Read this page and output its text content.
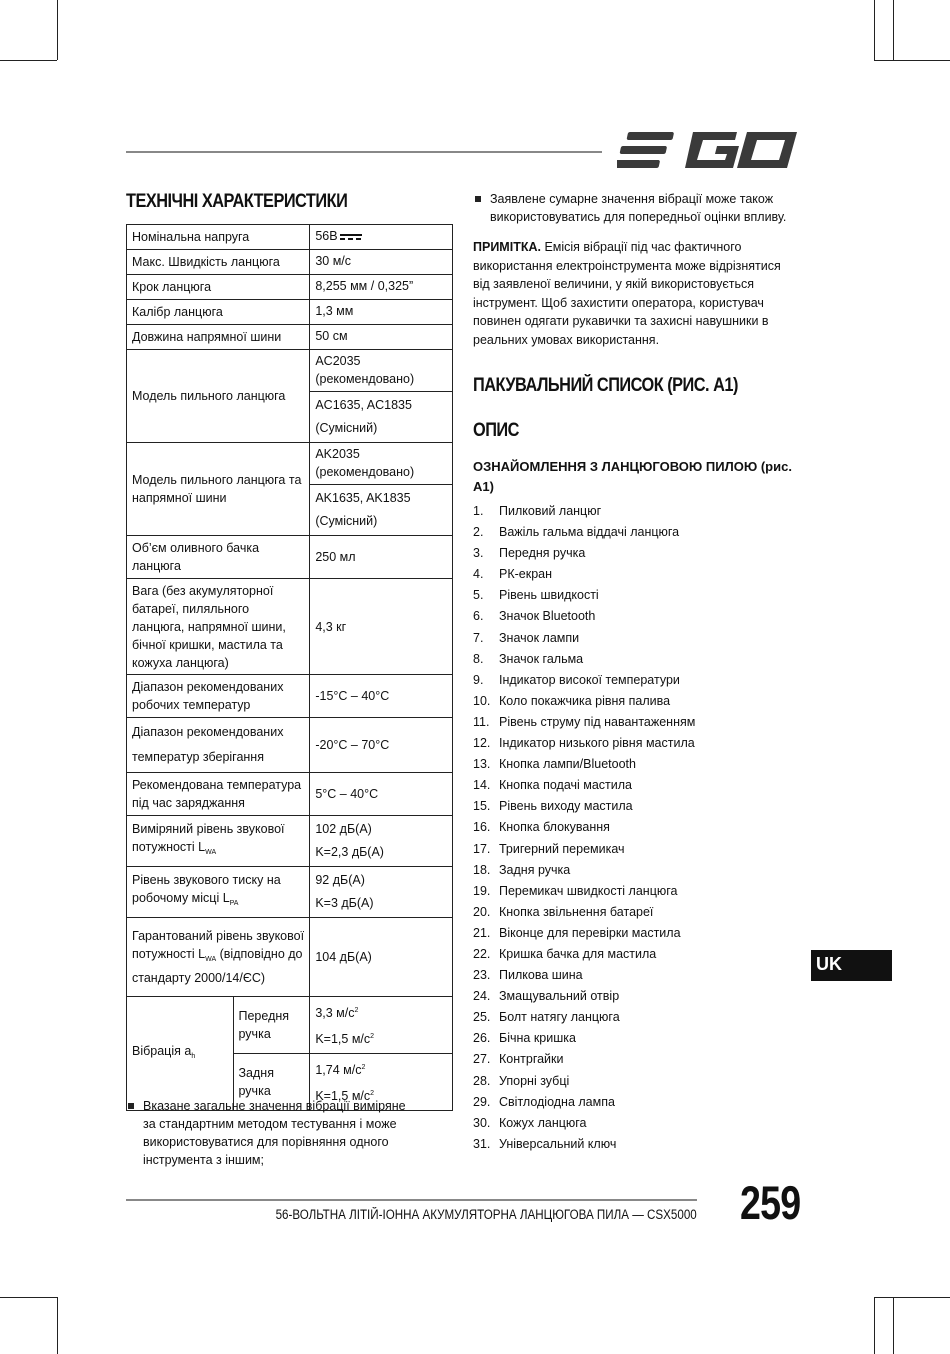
ТЕХНІЧНІ ХАРАКТЕРИСТИКИ
Номінальна напруга		56B
Макс. Швидкість ланцюга		30 м/с
Крок ланцюга		8,255 мм / 0,325”
Калібр ланцюга		1,3 мм
Довжина напрямної шини		50 см
Модель пильного ланцюга		AC2035 (рекомендовано)

		AC1635, AC1835
(Сумісний)

Модель пильного ланцюга та напрямної шини		AK2035 (рекомендовано)

		AK1635, AK1835
(Сумісний)

Об’єм оливного бачка ланцюга		250 мл
Вага (без акумуляторної батареї, пиляльного ланцюга, напрямної шини, бічної кришки, мастила та кожуха ланцюга)		4,3 кг
Діапазон рекомендованих робочих температур		-15°C – 40°C

Діапазон рекомендованих
температур зберігання		-20°C – 70°C
Рекомендована температура під час заряджання		5°C – 40°C
Виміряний рівень звукової потужності $L_{WA}$		102 дБ(A)
K=2,3 дБ(A)

Рівень звукового тиску на робочому місці $L_{PA}$		92 дБ(A)
K=3 дБ(A)

Гарантований рівень звукової потужності $L_{WA}$ (відповідно до стандарту 2000/14/ЄС)		104 дБ(A)
Вібрація $a_h$	Передня ручка	3,3 $м/с^2$
K=1,5 $м/с^2$

	Задня ручка	1,74 $м/с^2$
K=1,5 $м/с^2$
Вказане загальне значення вібрації виміряне за стандартним методом тестування і може використовуватися для порівняння одного інструмента з іншим;
Заявлене сумарне значення вібрації може також використовуватись для попередньої оцінки впливу.
ПРИМІТКА. Емісія вібрації під час фактичного використання електроінструмента може відрізнятися від заявленої величини, у якій використовується інструмент. Щоб захистити оператора, користувач повинен одягати рукавички та захисні навушники в реальних умовах використання.
ПАКУВАЛЬНИЙ СПИСОК (РИС. A1)
ОПИС
ОЗНАЙОМЛЕННЯ З ЛАНЦЮГОВОЮ ПИЛОЮ (рис. A1)
1. Пилковий ланцюг
2. Важіль гальма віддачі ланцюга
3. Передня ручка
4. РК-екран
5. Рівень швидкості
6. Значок Bluetooth
7. Значок лампи
8. Значок гальма
9. Індикатор високої температури
10. Коло покажчика рівня палива
11. Рівень струму під навантаженням
12. Індикатор низького рівня мастила
13. Кнопка лампи/Bluetooth
14. Кнопка подачі мастила
15. Рівень виходу мастила
16. Кнопка блокування
17. Тригерний перемикач
18. Задня ручка
19. Перемикач швидкості ланцюга
20. Кнопка звільнення батареї
21. Віконце для перевірки мастила
22. Кришка бачка для мастила
23. Пилкова шина
24. Змащувальний отвір
25. Болт натягу ланцюга
26. Бічна кришка
27. Контргайки
28. Упорні зубці
29. Світлодіодна лампа
30. Кожух ланцюга
31. Універсальний ключ
UK
56-ВОЛЬТНА ЛІТІЙ-ІОННА АКУМУЛЯТОРНА ЛАНЦЮГОВА ПИЛА — CSX5000 259
